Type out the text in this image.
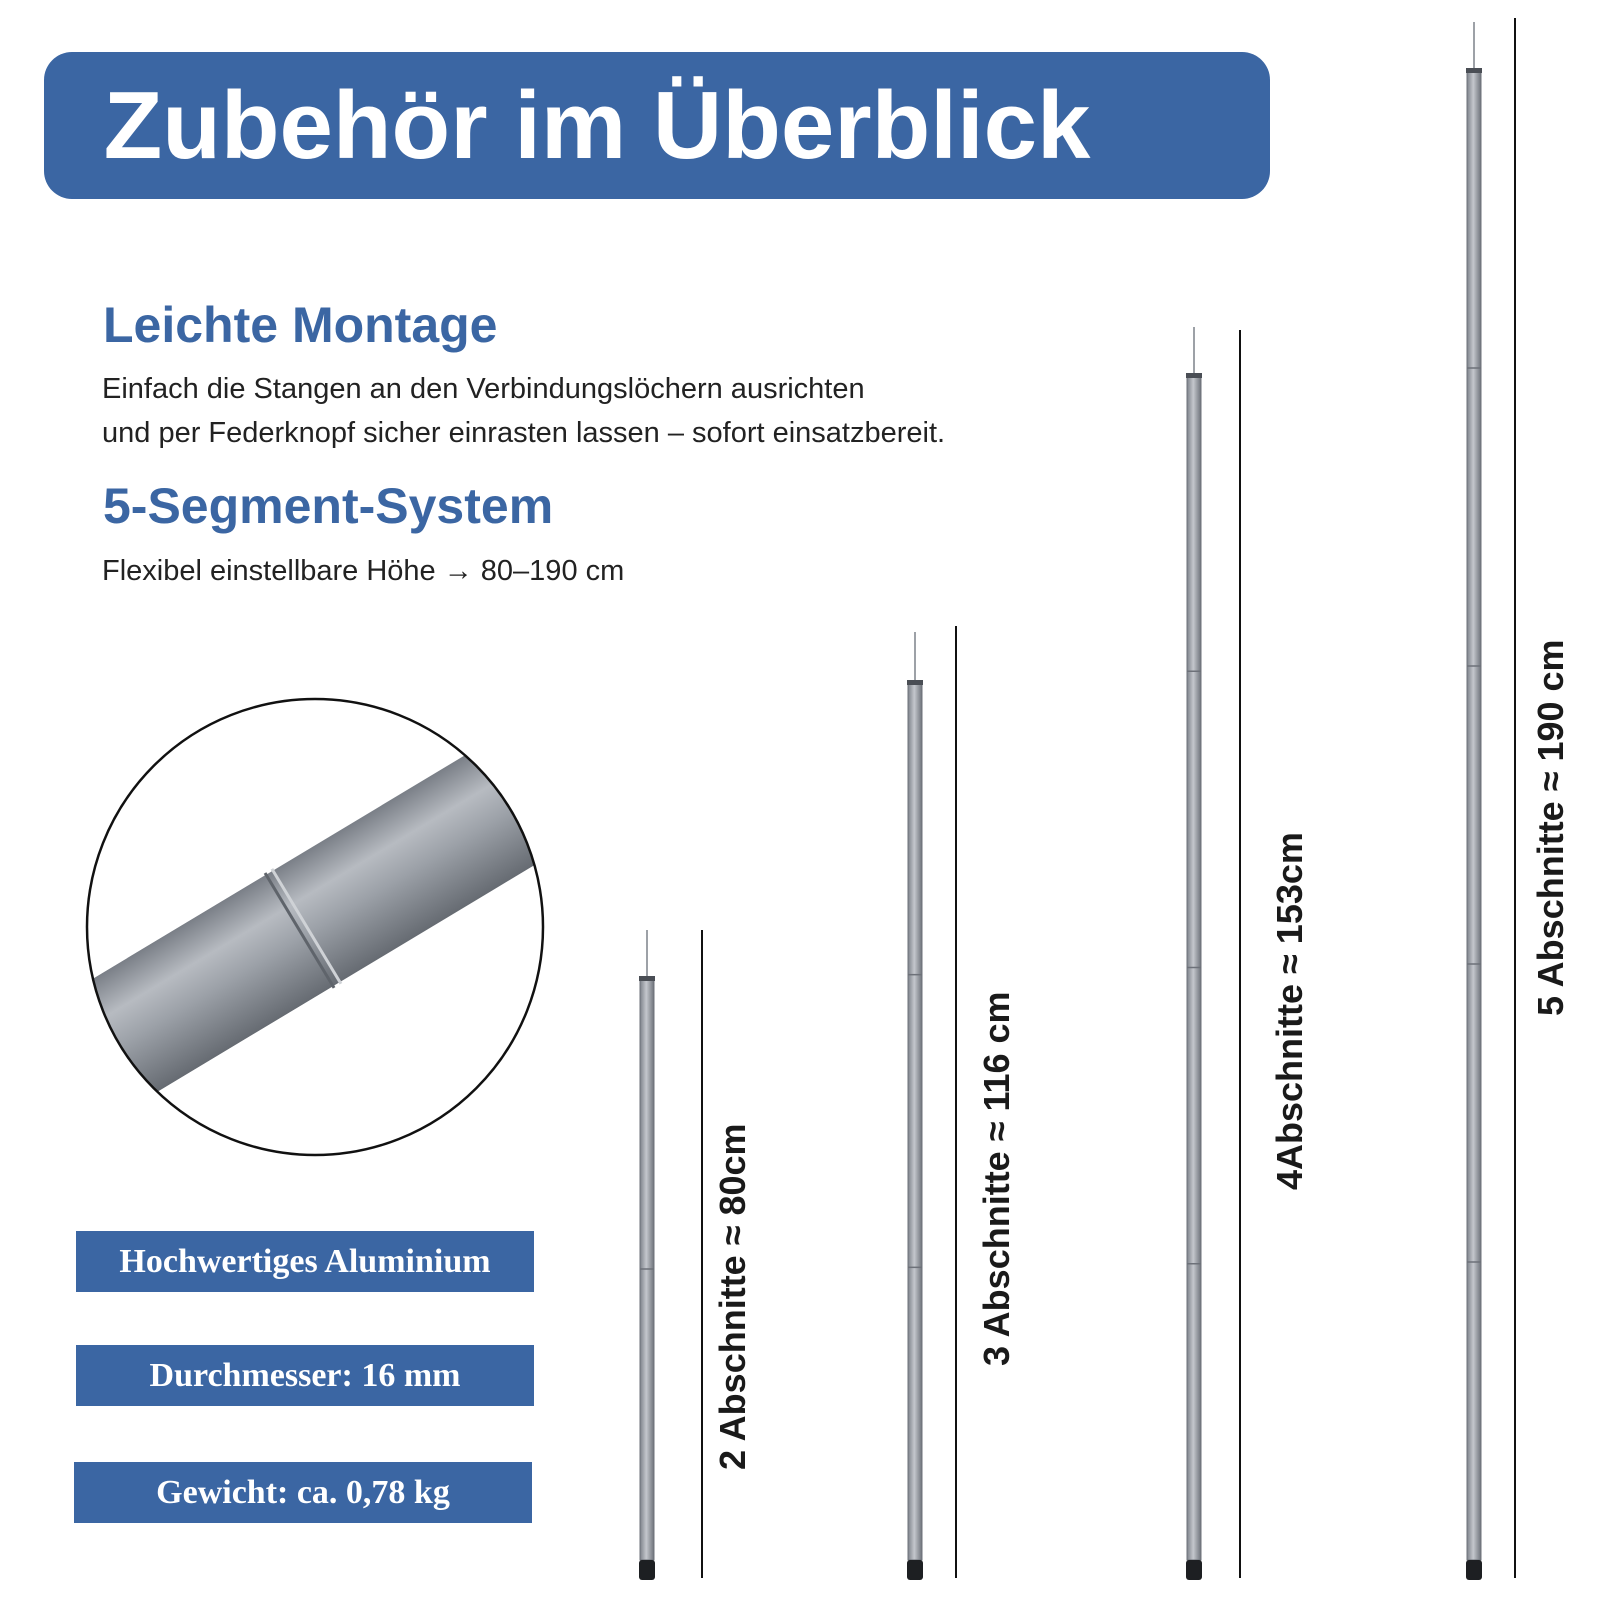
Zubehör im Überblick
Leichte Montage
Einfach die Stangen an den Verbindungslöchern ausrichten
und per Federknopf sicher einrasten lassen – sofort einsatzbereit.
5-Segment-System
Flexibel einstellbare Höhe → 80–190 cm
Hochwertiges Aluminium
Durchmesser: 16 mm
Gewicht: ca. 0,78 kg
2 Abschnitte ≈ 80cm	3 Abschnitte ≈ 116 cm	4Abschnitte ≈ 153cm	5 Abschnitte ≈ 190 cm
